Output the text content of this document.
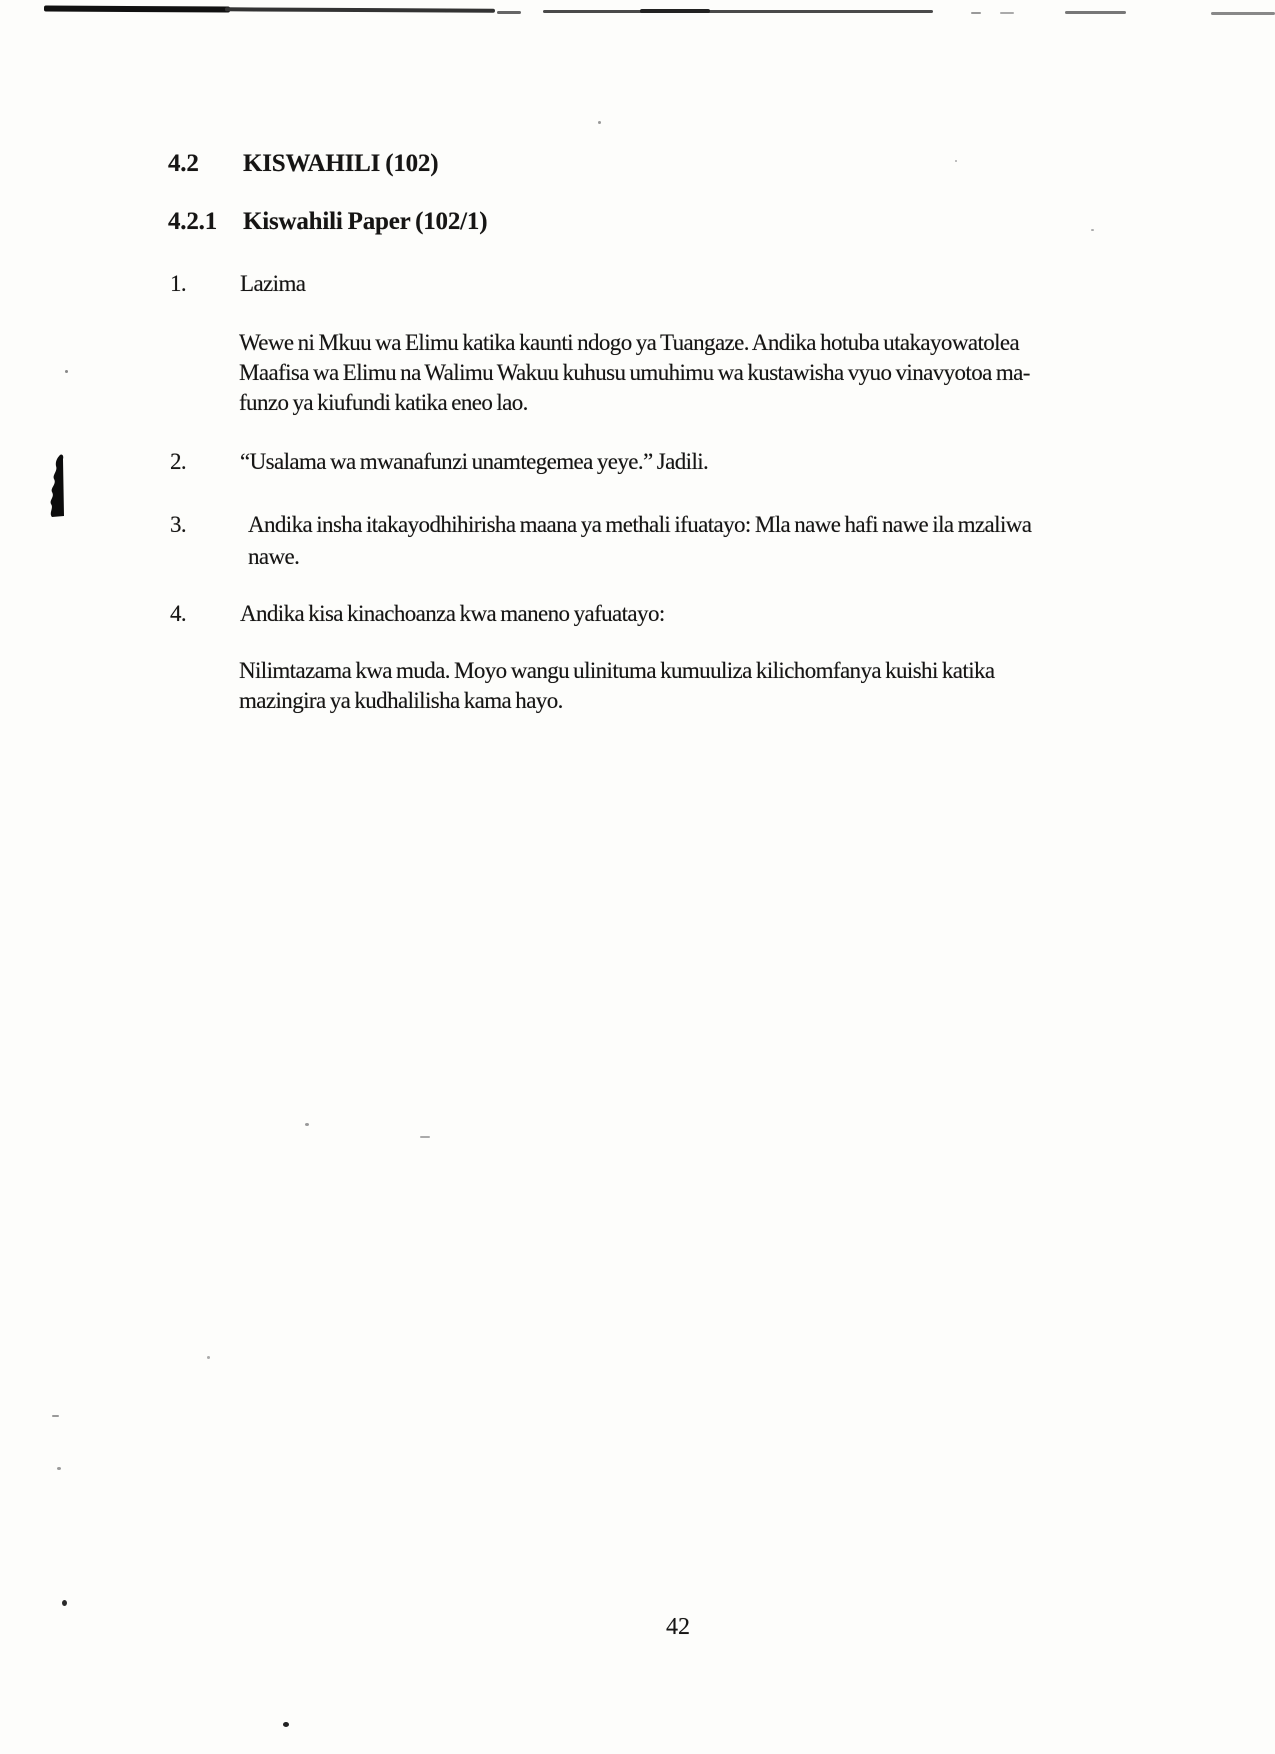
4.2	KISWAHILI (102)
4.2.1	Kiswahili Paper (102/1)
1.	Lazima
Wewe ni Mkuu wa Elimu katika kaunti ndogo ya Tuangaze. Andika hotuba utakayowatolea
Maafisa wa Elimu na Walimu Wakuu kuhusu umuhimu wa kustawisha vyuo vinavyotoa ma-
funzo ya kiufundi katika eneo lao.
2.	“Usalama wa mwanafunzi unamtegemea yeye.” Jadili.
3.	Andika insha itakayodhihirisha maana ya methali ifuatayo: Mla nawe hafi nawe ila mzaliwa
nawe.
4.	Andika kisa kinachoanza kwa maneno yafuatayo:
Nilimtazama kwa muda. Moyo wangu ulinituma kumuuliza kilichomfanya kuishi katika
mazingira ya kudhalilisha kama hayo.
42
